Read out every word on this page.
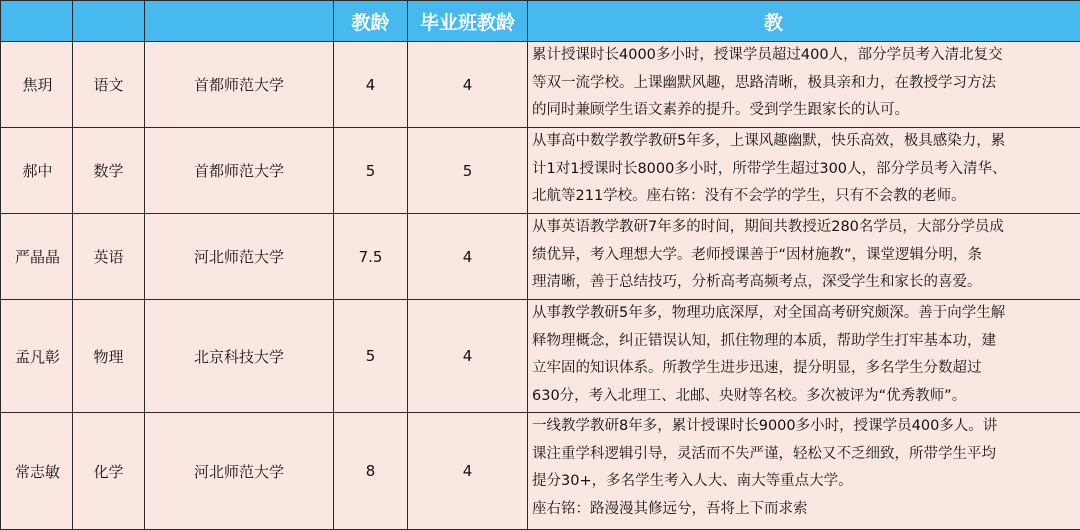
			教龄	毕业班教龄	教
焦玥	语文	首都师范大学	4	4	累计授课时长4000多小时，授课学员超过400人，部分学员考入清北复交
等双一流学校。上课幽默风趣，思路清晰，极具亲和力，在教授学习方法
的同时兼顾学生语文素养的提升。受到学生跟家长的认可。

郝中	数学	首都师范大学	5	5	从事高中数学教学教研5年多，上课风趣幽默，快乐高效，极具感染力，累
计1对1授课时长8000多小时，所带学生超过300人，部分学员考入清华、
北航等211学校。座右铭：没有不会学的学生，只有不会教的老师。

严晶晶	英语	河北师范大学	7.5	4	从事英语教学教研7年多的时间，期间共教授近280名学员，大部分学员成
绩优异，考入理想大学。老师授课善于“因材施教”，课堂逻辑分明，条
理清晰，善于总结技巧，分析高考高频考点，深受学生和家长的喜爱。

孟凡彰	物理	北京科技大学	5	4	从事教学教研5年多，物理功底深厚，对全国高考研究颇深。善于向学生解
释物理概念，纠正错误认知，抓住物理的本质，帮助学生打牢基本功，建
立牢固的知识体系。所教学生进步迅速，提分明显，多名学生分数超过
630分，考入北理工、北邮、央财等名校。多次被评为“优秀教师”。

常志敏	化学	河北师范大学	8	4	一线教学教研8年多，累计授课时长9000多小时，授课学员400多人。讲
课注重学科逻辑引导，灵活而不失严谨，轻松又不乏细致，所带学生平均
提分30+，多名学生考入人大、南大等重点大学。
座右铭：路漫漫其修远兮，吾将上下而求索
